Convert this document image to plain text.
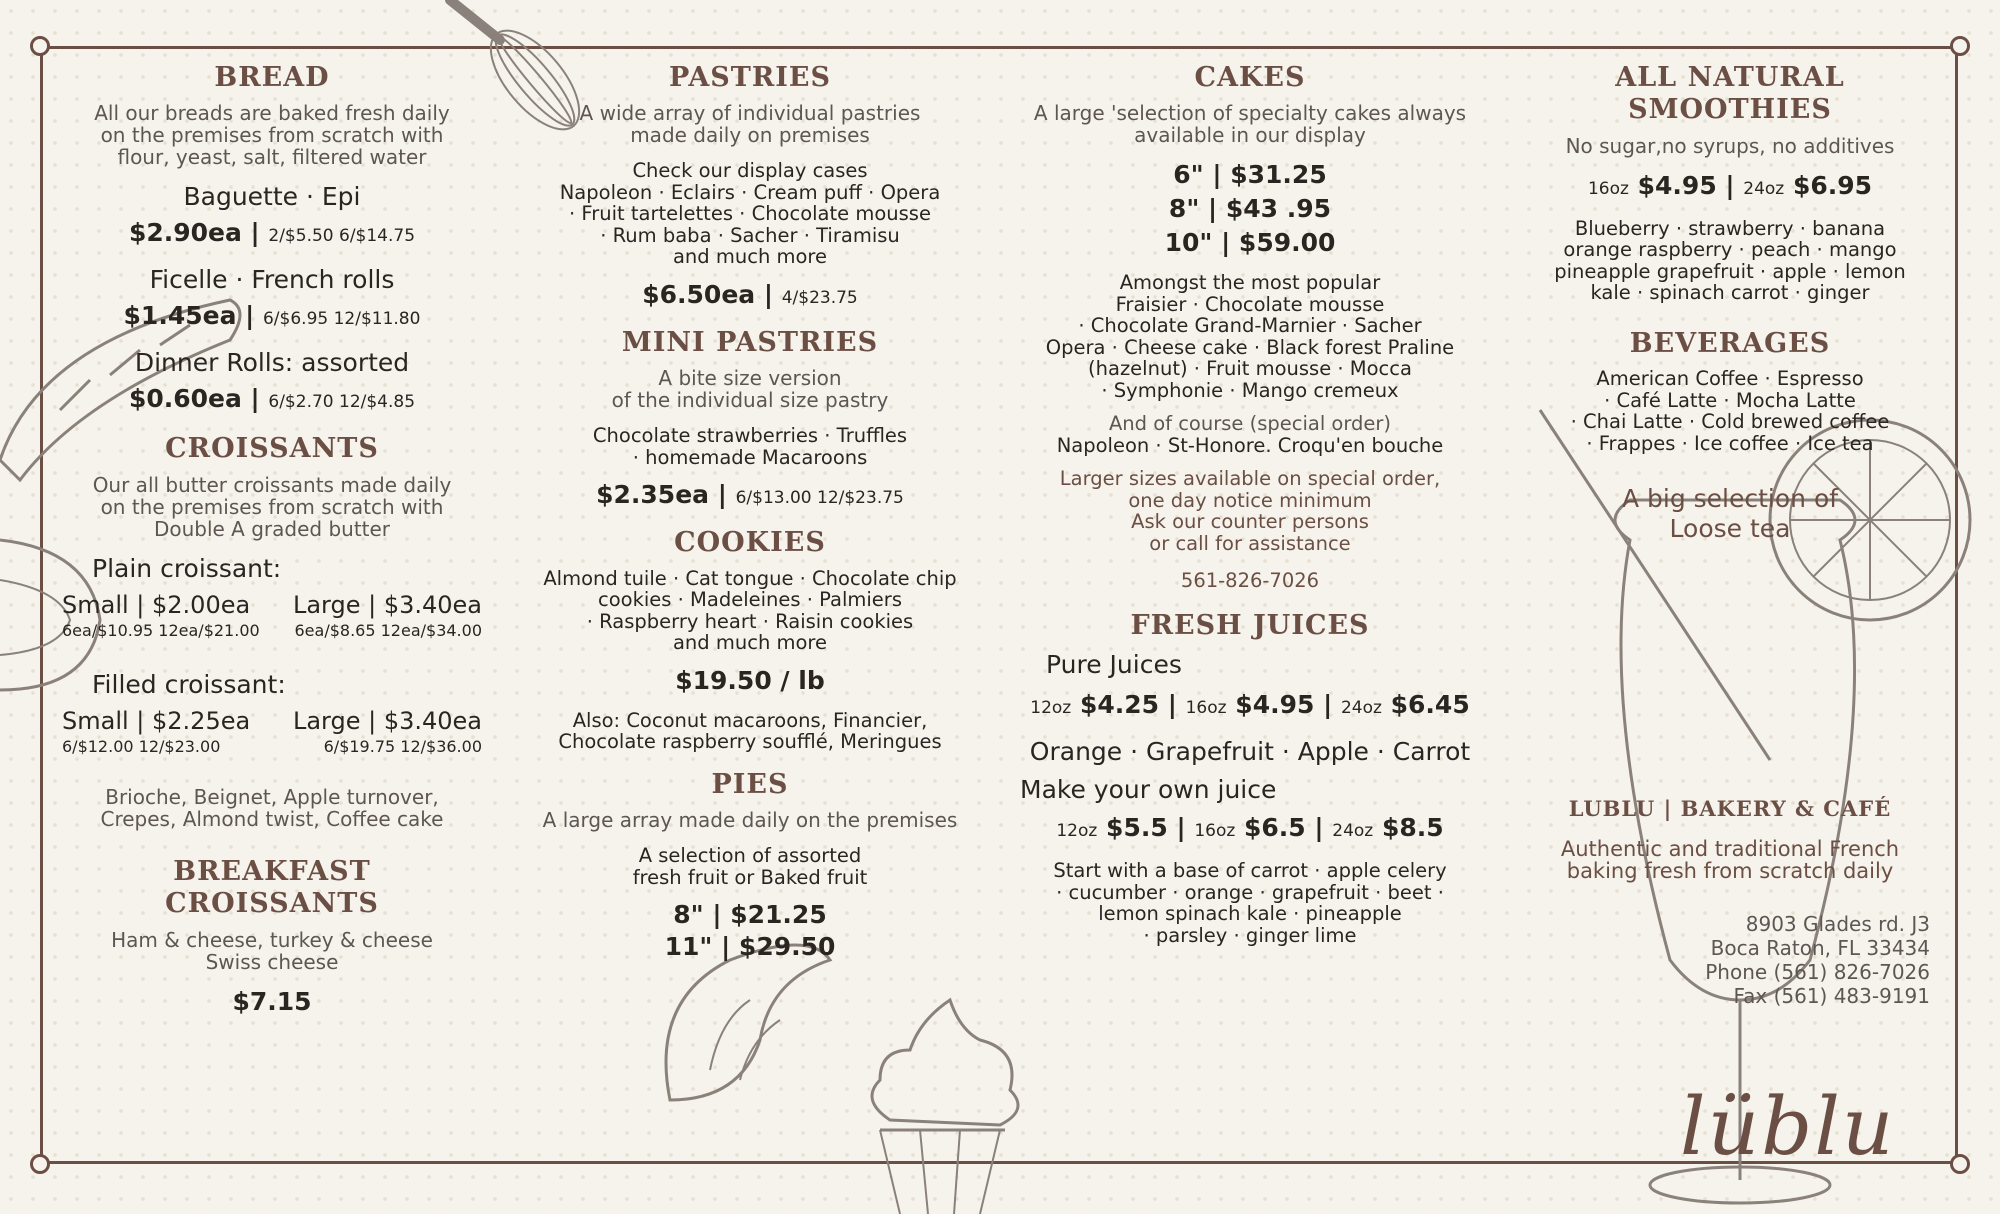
BREAD
All our breads are baked fresh daily
on the premises from scratch with
flour, yeast, salt, filtered water
Baguette · Epi
$2.90ea | 2/$5.50 6/$14.75
Ficelle · French rolls
$1.45ea | 6/$6.95 12/$11.80
Dinner Rolls: assorted
$0.60ea | 6/$2.70 12/$4.85
CROISSANTS
Our all butter croissants made daily
on the premises from scratch with
Double A graded butter
Plain croissant:
Small | $2.00ea Large | $3.40ea
6ea/$10.95 12ea/$21.00 6ea/$8.65 12ea/$34.00
Filled croissant:
Small | $2.25ea Large | $3.40ea
6/$12.00 12/$23.00	6/$19.75 12/$36.00
Brioche, Beignet, Apple turnover,
Crepes, Almond twist, Coffee cake
BREAKFAST CROISSANTS
Ham & cheese, turkey & cheese
Swiss cheese
$7.15
PASTRIES
A wide array of individual pastries
made daily on premises
Check our display cases
Napoleon · Eclairs · Cream puff · Opera
· Fruit tartelettes · Chocolate mousse
· Rum baba · Sacher · Tiramisu
and much more
$6.50ea | 4/$23.75
MINI PASTRIES
A bite size version
of the individual size pastry
Chocolate strawberries · Truffles
· homemade Macaroons
$2.35ea | 6/$13.00 12/$23.75
COOKIES
Almond tuile · Cat tongue · Chocolate chip
cookies · Madeleines · Palmiers
· Raspberry heart · Raisin cookies
and much more
$19.50 / lb
Also: Coconut macaroons, Financier,
Chocolate raspberry soufflé, Meringues
PIES
A large array made daily on the premises
A selection of assorted
fresh fruit or Baked fruit
8" | $21.25
11" | $29.50
CAKES
A large 'selection of specialty cakes always
available in our display
6" | $31.25
8" | $43 .95
10" | $59.00
Amongst the most popular
Fraisier · Chocolate mousse
· Chocolate Grand-Marnier · Sacher
Opera · Cheese cake · Black forest Praline
(hazelnut) · Fruit mousse · Mocca
· Symphonie · Mango cremeux
And of course (special order)
Napoleon · St-Honore. Croqu'en bouche
Larger sizes available on special order,
one day notice minimum
Ask our counter persons
or call for assistance
561-826-7026
FRESH JUICES
Pure Juices
12oz $4.25 | 16oz $4.95 | 24oz $6.45
Orange · Grapefruit · Apple · Carrot
Make your own juice
12oz $5.5 | 16oz $6.5 | 24oz $8.5
Start with a base of carrot · apple celery
· cucumber · orange · grapefruit · beet ·
lemon spinach kale · pineapple
· parsley · ginger lime
ALL NATURAL SMOOTHIES
No sugar,no syrups, no additives
16oz $4.95 | 24oz $6.95
Blueberry · strawberry · banana
orange raspberry · peach · mango
pineapple grapefruit · apple · lemon
kale · spinach carrot · ginger
BEVERAGES
American Coffee · Espresso
· Café Latte · Mocha Latte
· Chai Latte · Cold brewed coffee
· Frappes · Ice coffee · Ice tea
A big selection of
Loose tea
LUBLU | BAKERY & CAFÉ
Authentic and traditional French
baking fresh from scratch daily
8903 Glades rd. J3
Boca Raton, FL 33434
Phone (561) 826-7026
Fax (561) 483-9191
lüblu
